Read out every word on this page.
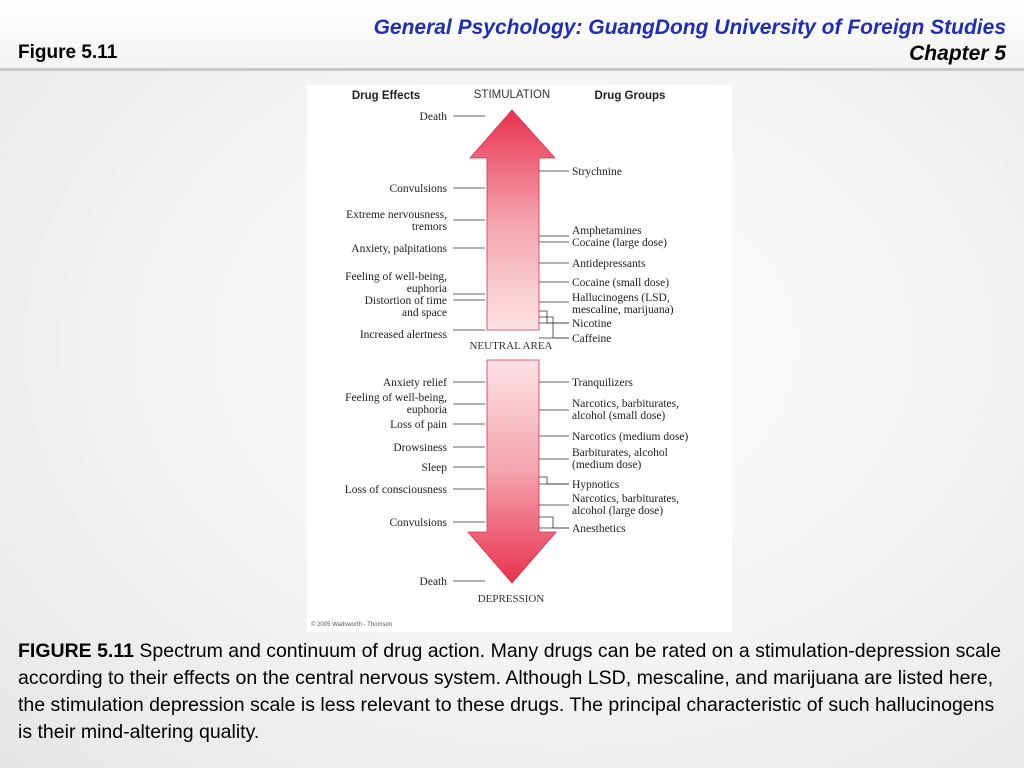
General Psychology: GuangDong University of Foreign Studies
Chapter 5
Figure 5.11
Drug Effects	STIMULATION	Drug Groups
NEUTRAL AREA
DEPRESSION
© 2005 Wadsworth - Thomson
Death
Convulsions
Extreme nervousness,
tremors
Anxiety, palpitations
Feeling of well-being,
euphoria
Distortion of time
and space
Increased alertness
Strychnine
Amphetamines
Cocaine (large dose)
Antidepressants
Cocaine (small dose)
Hallucinogens (LSD,
mescaline, marijuana)
Nicotine
Caffeine
Anxiety relief
Feeling of well-being,
euphoria
Loss of pain
Drowsiness
Sleep
Loss of consciousness
Convulsions
Death
Tranquilizers
Narcotics, barbiturates,
alcohol (small dose)
Narcotics (medium dose)
Barbiturates, alcohol
(medium dose)
Hypnotics
Narcotics, barbiturates,
alcohol (large dose)
Anesthetics
FIGURE 5.11 Spectrum and continuum of drug action. Many drugs can be rated on a stimulation-depression scale according to their effects on the central nervous system. Although LSD, mescaline, and marijuana are listed here, the stimulation depression scale is less relevant to these drugs. The principal characteristic of such hallucinogens is their mind-altering quality.
